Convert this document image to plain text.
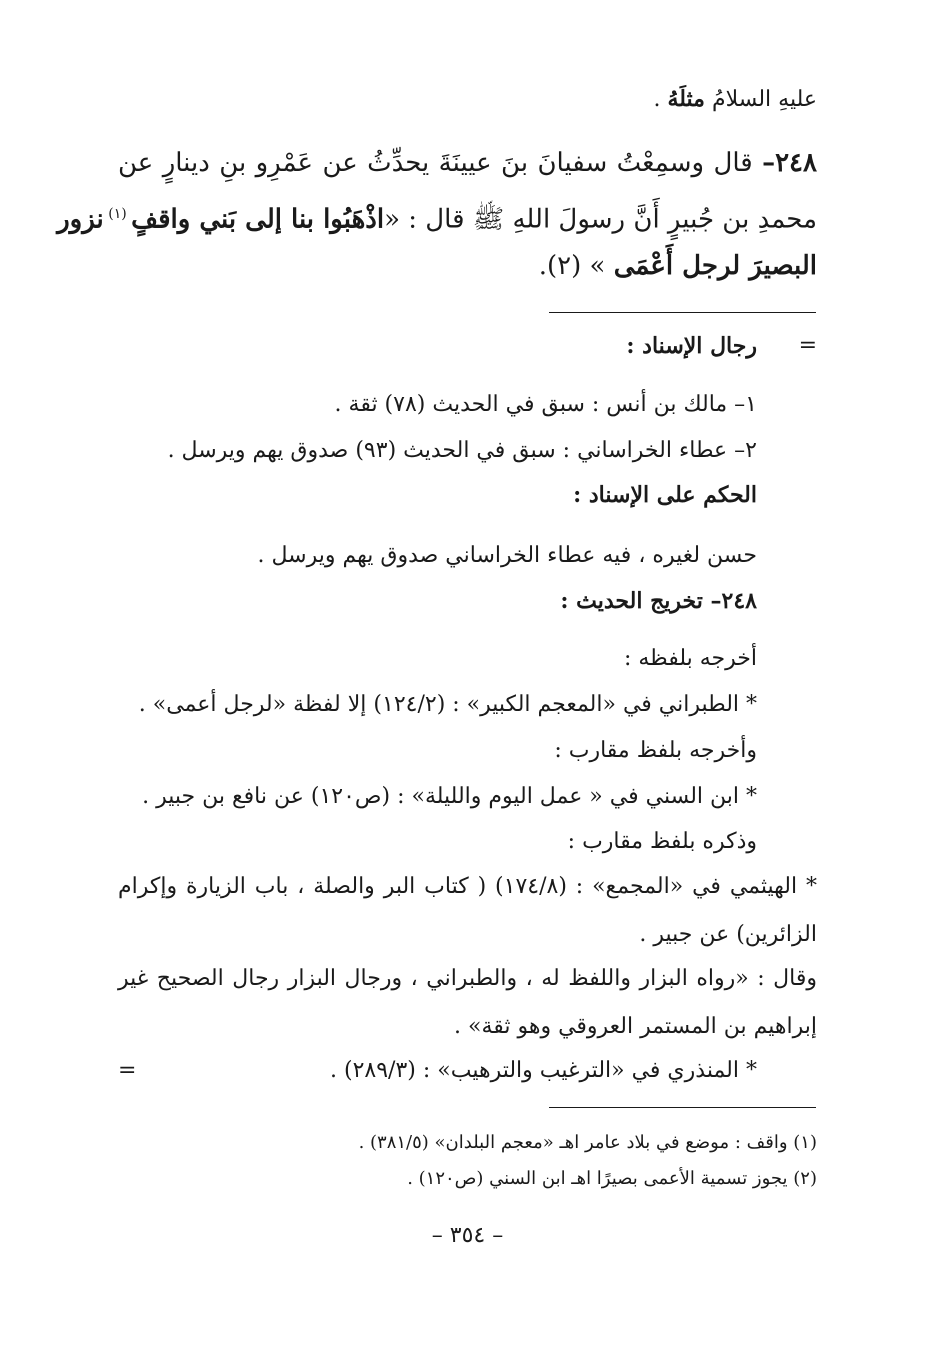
عليهِ السلامُ مثلَهُ .
٢٤٨– قال وسمِعْتُ سفيانَ بنَ عيينَةَ يحدِّثُ عن عَمْرِو بنِ دينارٍ عن
محمدِ بن جُبيرٍ أَنَّ رسولَ اللهِ ﷺ قال : «اذْهَبُوا بنا إلى بَني واقفٍ $^{(١)}$ نزور
البصيرَ لرجل أَعْمَى » (٢).
=
رجال الإسناد :
١– مالك بن أنس : سبق في الحديث (٧٨) ثقة .
٢– عطاء الخراساني : سبق في الحديث (٩٣) صدوق يهم ويرسل .
الحكم على الإسناد :
حسن لغيره ، فيه عطاء الخراساني صدوق يهم ويرسل .
٢٤٨– تخريج الحديث :
أخرجه بلفظه :
* الطبراني في «المعجم الكبير» : (١٢٤/٢) إلا لفظة «لرجل أعمى» .
وأخرجه بلفظ مقارب :
* ابن السني في « عمل اليوم والليلة» : (ص١٢٠) عن نافع بن جبير .
وذكره بلفظ مقارب :
* الهيثمي في «المجمع» : (١٧٤/٨) ( كتاب البر والصلة ، باب الزيارة وإكرام
الزائرين) عن جبير .
وقال : «رواه البزار واللفظ له ، والطبراني ، ورجال البزار رجال الصحيح غير
إبراهيم بن المستمر العروقي وهو ثقة» .
* المنذري في «الترغيب والترهيب» : (٢٨٩/٣) .
=
(١) واقف : موضع في بلاد عامر اهـ «معجم البلدان» (٣٨١/٥) .
(٢) يجوز تسمية الأعمى بصيرًا اهـ ابن السني (ص١٢٠) .
– ٣٥٤ –
